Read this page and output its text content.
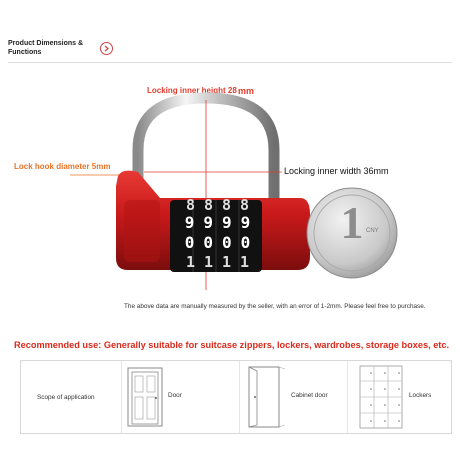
Product Dimensions & Functions
Locking inner height 28 mm
Lock hook diameter 5mm	Locking inner width 36mm
8888
9999
0000
1111
1 CNY
The above data are manually measured by the seller, with an error of 1-2mm. Please feel free to purchase.
Recommended use: Generally suitable for suitcase zippers, lockers, wardrobes, storage boxes, etc.
Scope of application	Door	Cabinet door	Lockers
